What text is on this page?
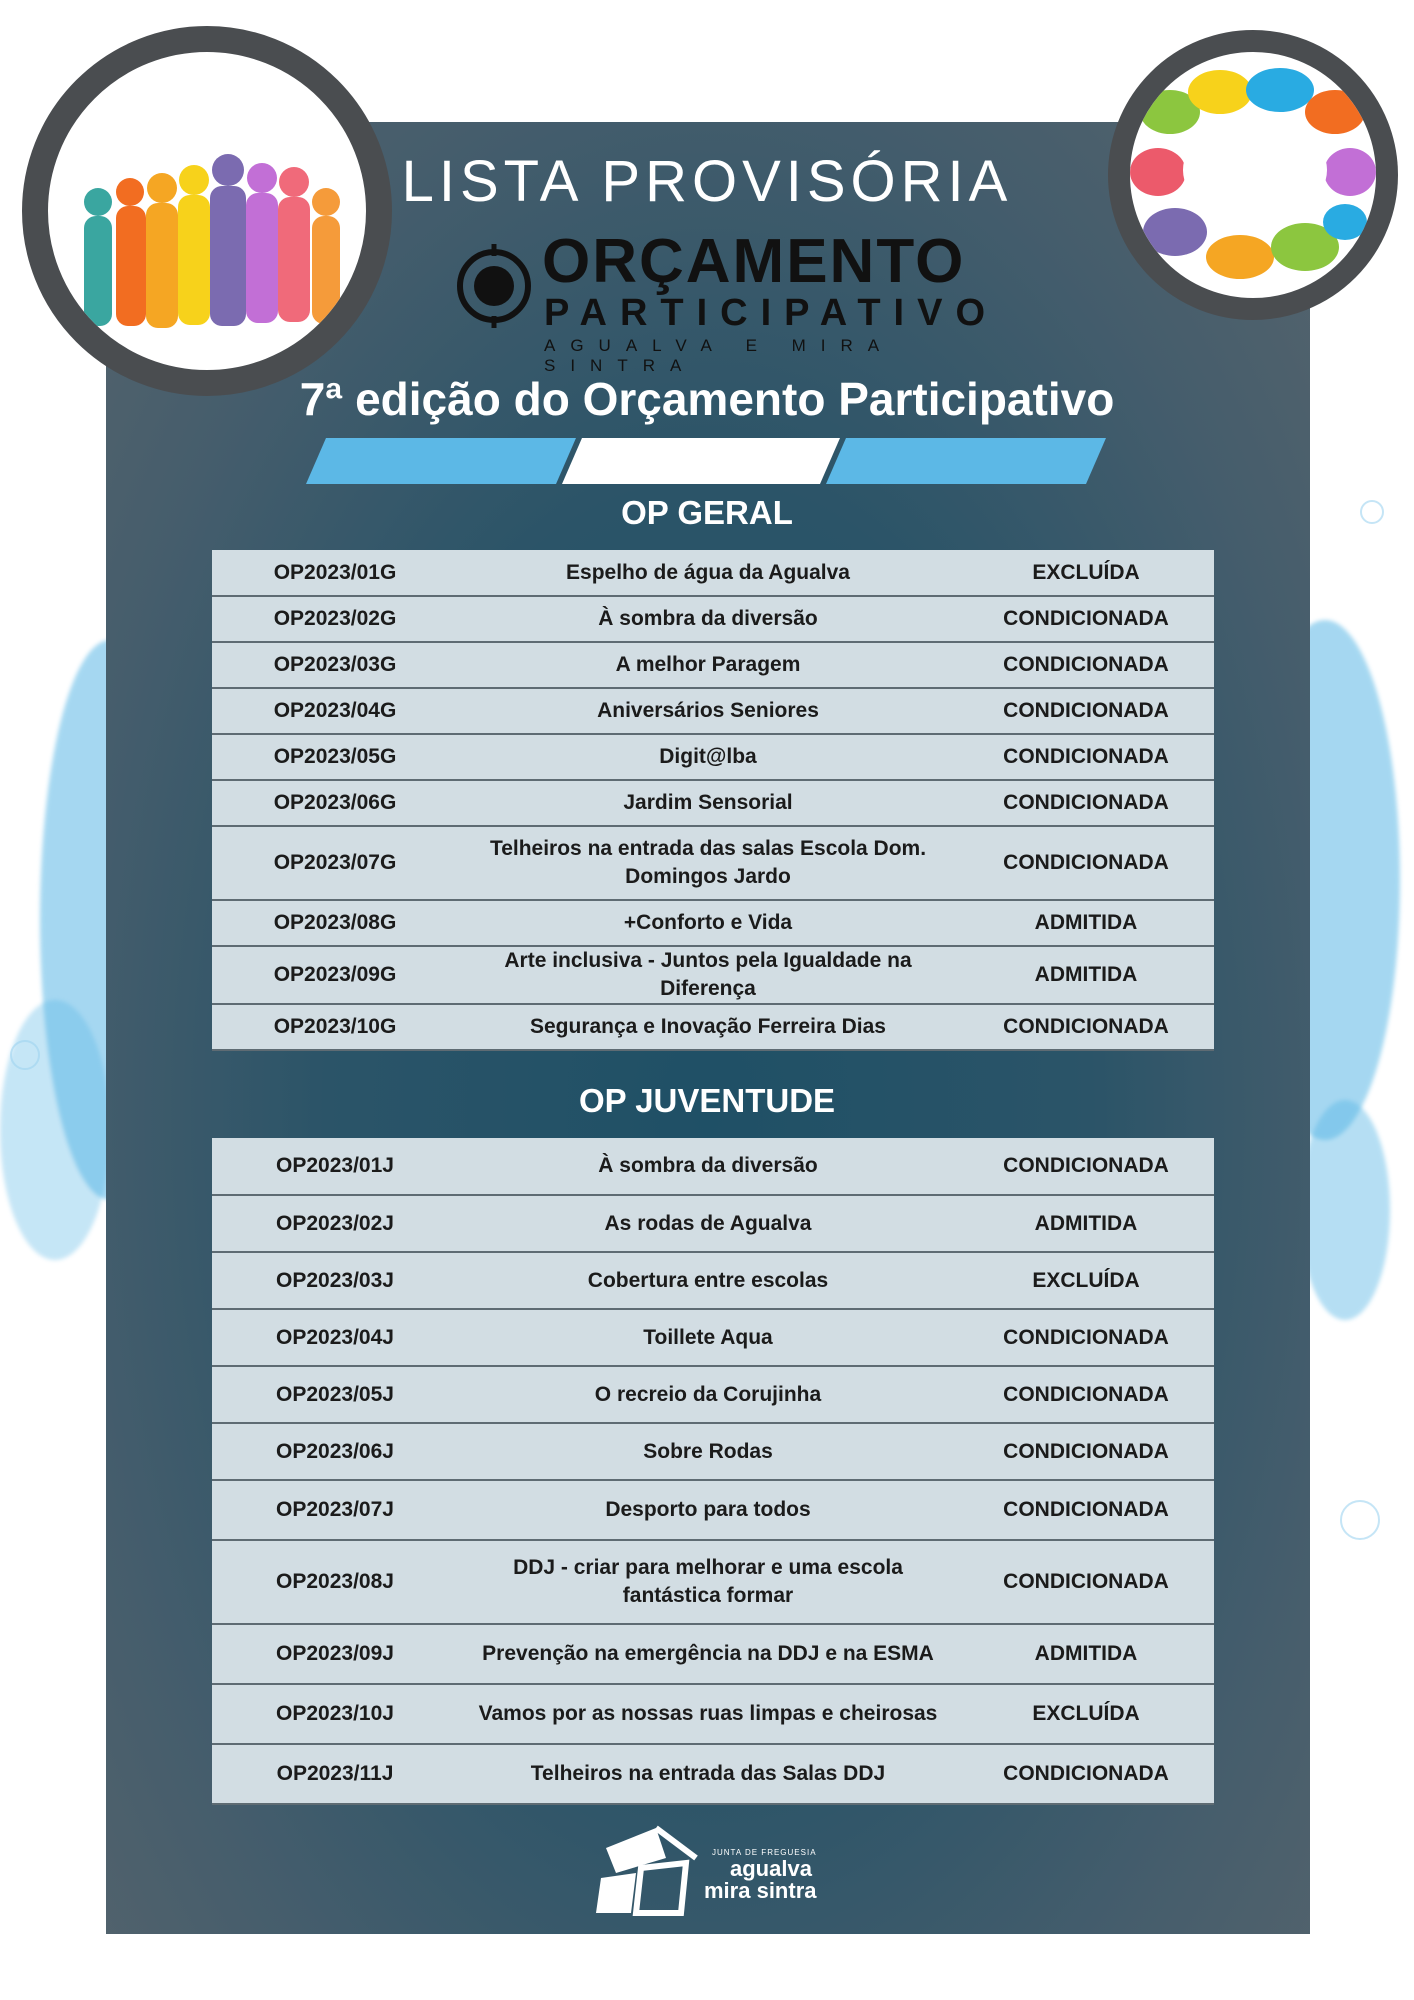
LISTA PROVISÓRIA
ORÇAMENTO
PARTICIPATIVO
AGUALVA E MIRA SINTRA
7ª edição do Orçamento Participativo
OP GERAL
OP2023/01G	Espelho de água da Agualva	EXCLUÍDA
OP2023/02G	À sombra da diversão	CONDICIONADA
OP2023/03G	A melhor Paragem	CONDICIONADA
OP2023/04G	Aniversários Seniores	CONDICIONADA
OP2023/05G	Digit@lba	CONDICIONADA
OP2023/06G	Jardim Sensorial	CONDICIONADA
OP2023/07G	Telheiros na entrada das salas Escola Dom. Domingos Jardo	CONDICIONADA
OP2023/08G	+Conforto e Vida	ADMITIDA
OP2023/09G	Arte inclusiva - Juntos pela Igualdade na Diferença	ADMITIDA
OP2023/10G	Segurança e Inovação Ferreira Dias	CONDICIONADA
OP JUVENTUDE
OP2023/01J	À sombra da diversão	CONDICIONADA
OP2023/02J	As rodas de Agualva	ADMITIDA
OP2023/03J	Cobertura entre escolas	EXCLUÍDA
OP2023/04J	Toillete Aqua	CONDICIONADA
OP2023/05J	O recreio da Corujinha	CONDICIONADA
OP2023/06J	Sobre Rodas	CONDICIONADA
OP2023/07J	Desporto para todos	CONDICIONADA
OP2023/08J	DDJ - criar para melhorar e uma escola fantástica formar	CONDICIONADA
OP2023/09J	Prevenção na emergência na DDJ e na ESMA	ADMITIDA
OP2023/10J	Vamos por as nossas ruas limpas e cheirosas	EXCLUÍDA
OP2023/11J	Telheiros na entrada das Salas DDJ	CONDICIONADA
JUNTA DE FREGUESIA
agualva
mira sintra
